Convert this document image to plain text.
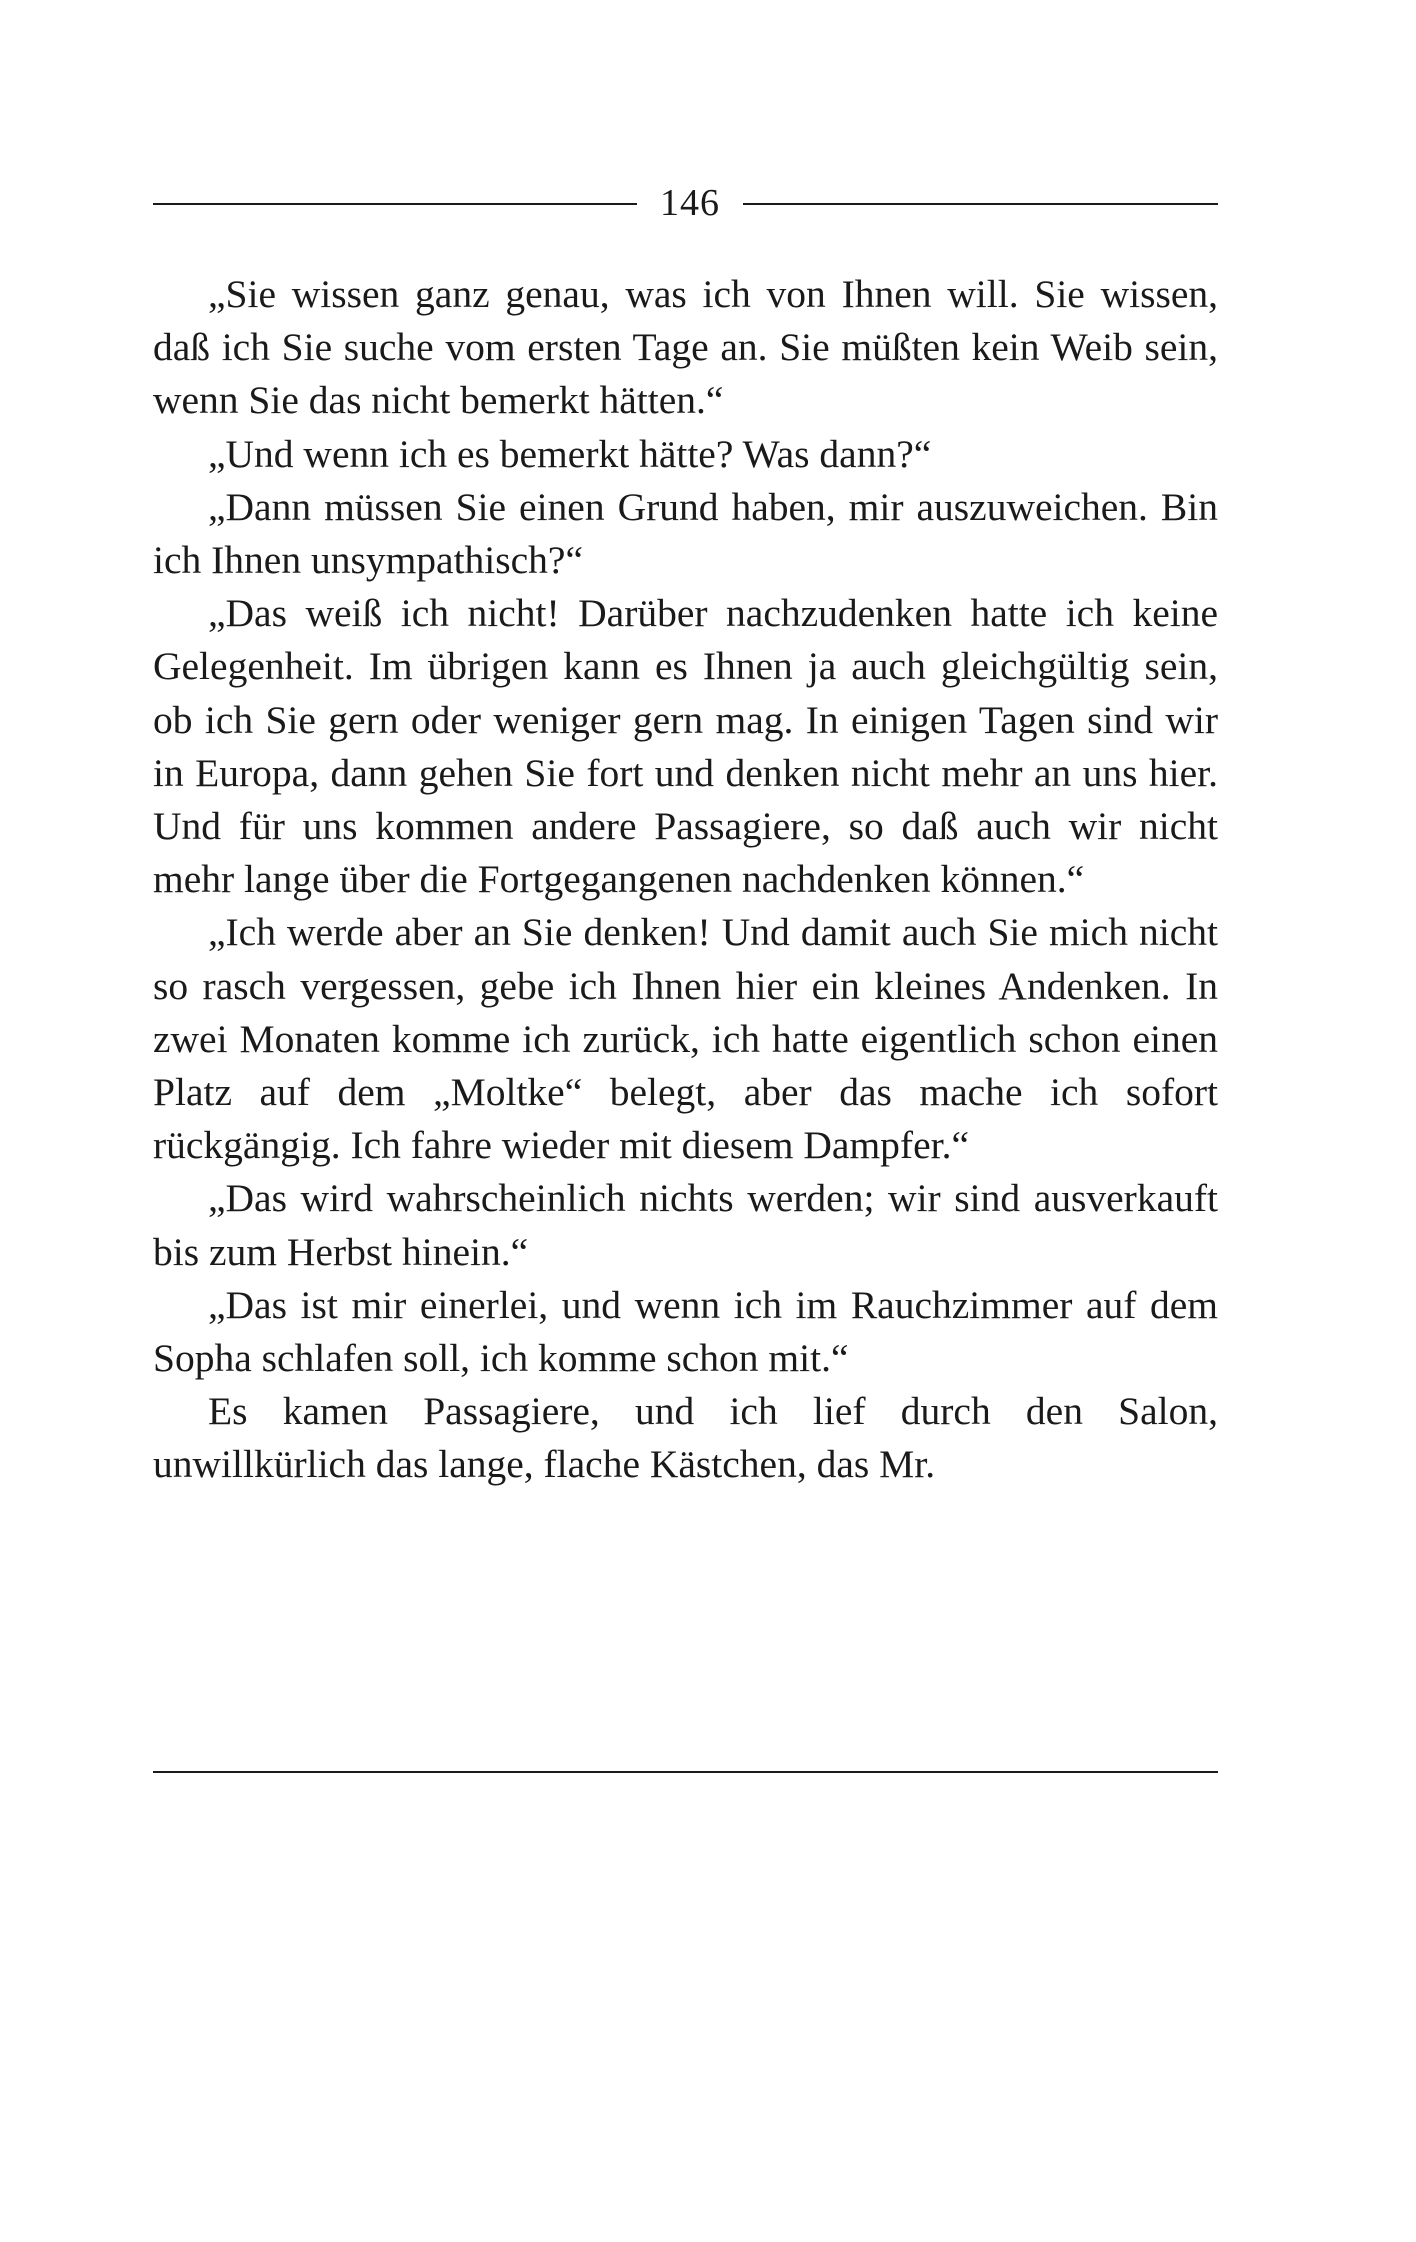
146

„Sie wissen ganz genau, was ich von Ihnen will. Sie wissen, daß ich Sie suche vom ersten Tage an. Sie müßten kein Weib sein, wenn Sie das nicht bemerkt hätten.“

„Und wenn ich es bemerkt hätte? Was dann?“

„Dann müssen Sie einen Grund haben, mir auszuweichen. Bin ich Ihnen unsympathisch?“

„Das weiß ich nicht! Darüber nachzudenken hatte ich keine Gelegenheit. Im übrigen kann es Ihnen ja auch gleichgültig sein, ob ich Sie gern oder weniger gern mag. In einigen Tagen sind wir in Europa, dann gehen Sie fort und denken nicht mehr an uns hier. Und für uns kommen andere Passagiere, so daß auch wir nicht mehr lange über die Fortgegangenen nachdenken können.“

„Ich werde aber an Sie denken! Und damit auch Sie mich nicht so rasch vergessen, gebe ich Ihnen hier ein kleines Andenken. In zwei Monaten komme ich zurück, ich hatte eigentlich schon einen Platz auf dem „Moltke“ belegt, aber das mache ich sofort rückgängig. Ich fahre wieder mit diesem Dampfer.“

„Das wird wahrscheinlich nichts werden; wir sind ausverkauft bis zum Herbst hinein.“

„Das ist mir einerlei, und wenn ich im Rauchzimmer auf dem Sopha schlafen soll, ich komme schon mit.“

Es kamen Passagiere, und ich lief durch den Salon, unwillkürlich das lange, flache Kästchen, das Mr.
